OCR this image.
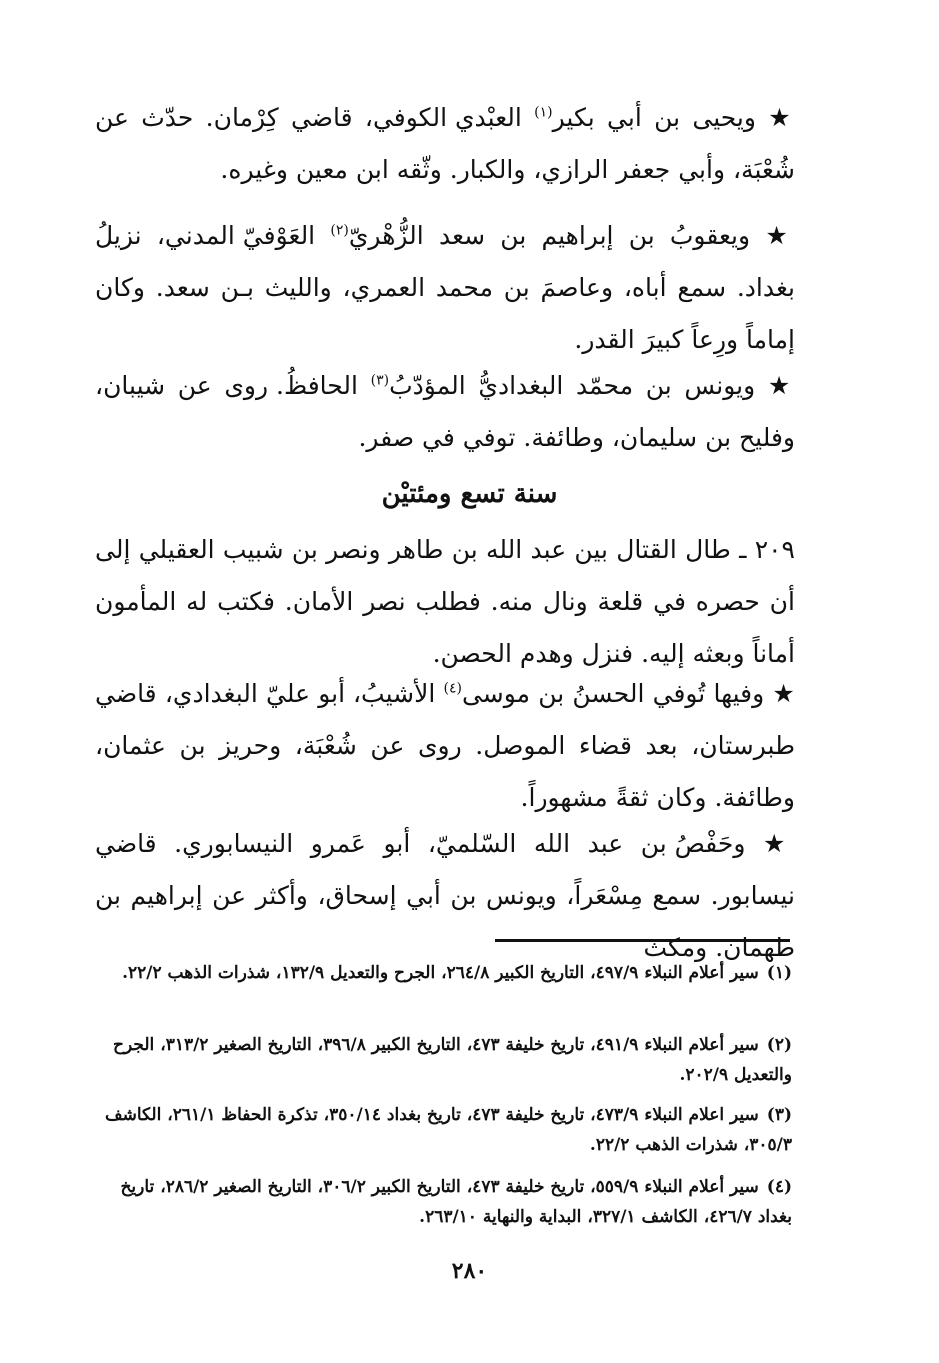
★ ويحيى بن أبي بكير$^{(١)}$ العبْدي الكوفي، قاضي كِرْمان. حدّث عن شُعْبَة، وأبي جعفر الرازي، والكبار. وثّقه ابن معين وغيره.

★ ويعقوبُ بن إبراهيم بن سعد الزُّهْريّ$^{(٢)}$ العَوْفيّ المدني، نزيلُ بغداد. سمع أباه، وعاصمَ بن محمد العمري، والليث بـن سعد. وكان إماماً ورِعاً كبيرَ القدر.

★ ويونس بن محمّد البغداديُّ المؤدّبُ$^{(٣)}$ الحافظُ. روى عن شيبان، وفليح بن سليمان، وطائفة. توفي في صفر.

سنة تسع ومئتيْن

٢٠٩ ـ طال القتال بين عبد الله بن طاهر ونصر بن شبيب العقيلي إلى أن حصره في قلعة ونال منه. فطلب نصر الأمان. فكتب له المأمون أماناً وبعثه إليه. فنزل وهدم الحصن.

★ وفيها تُوفي الحسنُ بن موسى$^{(٤)}$ الأشيبُ، أبو عليّ البغدادي، قاضي طبرستان، بعد قضاء الموصل. روى عن شُعْبَة، وحريز بن عثمان، وطائفة. وكان ثقةً مشهوراً.

★ وحَفْصُ بن عبد الله السّلميّ، أبو عَمرو النيسابوري. قاضي نيسابور. سمع مِسْعَراً، ويونس بن أبي إسحاق، وأكثر عن إبراهيم بن طهمان. ومكث

(١)سير أعلام النبلاء ٤٩٧/٩، التاريخ الكبير ٢٦٤/٨، الجرح والتعديل ١٣٢/٩، شذرات الذهب ٢٢/٢.
(٢)سير أعلام النبلاء ٤٩١/٩، تاريخ خليفة ٤٧٣، التاريخ الكبير ٣٩٦/٨، التاريخ الصغير ٣١٣/٢، الجرح والتعديل ٢٠٢/٩.
(٣)سير اعلام النبلاء ٤٧٣/٩، تاريخ خليفة ٤٧٣، تاريخ بغداد ٣٥٠/١٤، تذكرة الحفاظ ٢٦١/١، الكاشف ٣٠٥/٣، شذرات الذهب ٢٢/٢.
(٤)سير أعلام النبلاء ٥٥٩/٩، تاريخ خليفة ٤٧٣، التاريخ الكبير ٣٠٦/٢، التاريخ الصغير ٢٨٦/٢، تاريخ بغداد ٤٢٦/٧، الكاشف ٣٢٧/١، البداية والنهاية ٢٦٣/١٠.
٢٨٠
